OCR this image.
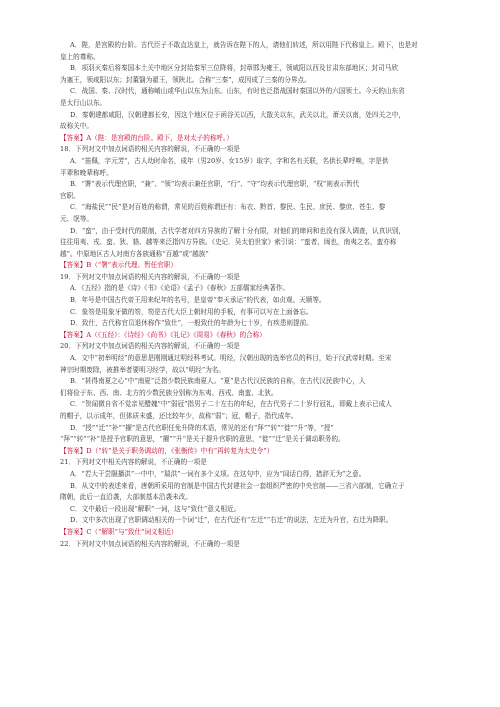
A．陛，是宫殿的台阶。古代臣子不敢直达皇上，就告诉在陛下的人，请他们转述，所以用陛下代称皇上。殿下，也是对
皇上的尊称。
B．项羽灭秦后将秦国本土关中地区分封给秦军三位降将，封章邯为雍王，领咸阳以西及甘肃东部地区；封司马欣
为塞王，领咸阳以东；封董翳为翟王，领陕北。合称“三秦”，成因成了三秦的分界点。
C．战国、秦、汉时代，通称崤山或华山以东为山东。山东，有时也泛指战国时秦国以外的六国领土。今天的山东省
是太行山以东。
D．秦朝建都咸阳，汉朝建都长安，因这个地区位于函谷关以西，大散关以东，武关以北，萧关以南，处四关之中，
故称关中。
【答案】A（陛：是宫殿的台阶。殿下，是对太子的称呼。）
18．下列对文中加点词语的相关内容的解说，不正确的一项是
A．“笛佩，字元芳”，古人幼时命名，成年（男20岁、女15岁）取字，字和名有关联，名供长辈呼唤，字是供
平辈和晚辈称呼。
B．“署”表示代理官职，“兼”、“领”均表示兼任官职，“行”、“守”均表示代理官职，“权”则表示暂代
官职。
C．“海盐民”“民”是对百姓的称谓，常见的百姓称谓还有：布衣、黔首、黎民、生民、庶民、黎庶、苍生、黎
元、氓等。
D．“蛮”，由于受时代的限制，古代学者对四方异族的了解十分有限，对他们的缔问和也没有深入调查，认真识别，
往往用夷、戎、蛮、狄、貉、越等来泛指四方异族。《史记．吴太伯世家》索引说：“蛮者，闽也，南夷之名，蛮亦称
越”。中原地区古人对南方各族通称“百越”或“越族”
【答案】B（“署”表示代理、暂任官职）
19．下列对文中加点词语的相关内容的解说，不正确的一项是
A．《五经》指的是《诗》《书》《论语》《孟子》《春秋》五部儒家经典著作。
B．年号是中国古代帝王用来纪年的名号，是皇帝“奉天承运”的代表，如贞观、天顺等。
C．象笏是用象牙做的笏，笏是古代大臣上朝时用的手板，有事可以写在上面备忘。
D．致仕，古代称官员退休称作“致仕”，一般致仕的年龄为七十岁，有疾患则提前。
【答案】A（《五经》：《诗经》《尚书》《礼记》《周易》《春秋》的合称）
20．下列对文中加点词语的相关内容的解说，不正确的一项是
A．文中“初举明经”的意思是刚刚通过明经科考试。明经，汉朝出现的选举官员的科目，始于汉武帝时期。至宋
神宗时期废除，被推举者要明习经学，故以“明经”为名。
B．“甚得南夏之心”中“南夏”泛指少数民族南夏人。“夏”是古代汉民族的自称，在古代汉民族中心，人
们将俭于东、西、南、北方的少数民族分别称为东夷、西戎、南蛮、北狄。
C．“贺闻微自省不觉亲见醋媿”中“弱冠”指男子二十左右的年纪，在古代男子二十岁行冠礼，即戴上表示已成人
的帽子，以示成年，但体质未盛，还比较年少，故称“弱”；冠，帽子，指代成年。
D．“授”“迁”“补”“擢”是古代官职任免升降的术语，常见的还有“拜”“转”“徙”“升”等，“授”
“拜”“转”“补”是授予官职的意思，“擢”“升”是关于提升官职的意思，“徙”“迁”是关于调动职务的。
【答案】D（“转”是关于职务调动的，《张衡传》中有“再转复为太史令”）
21．下列对文中相关内容的解说，不正确的一项是
A．“若大干尝隰播洪”一中中，“瑞洪”一词有多个义项。在这句中，应为“闾话白得，措辞无为”之意。
B．从文中的表述来看，唐朝所采用的官制是中国古代封建社会一套组织严密的中央官制——三省六部制，它确立于
隋朝，此后一直沿袭，大部制基本沿袭未改。
C．文中最后一段出现“解职”一词，这与“致仕”意义相近。
D．文中多次出现了官职调动相关的一个词“迁”，在古代还有“左迁”“右迁”的说法，左迁为升官，右迁为降职。
【答案】C（“解职”与“致仕”词义相近）
22．下列对文中加点词语的相关内容的解说，不正确的一项是
